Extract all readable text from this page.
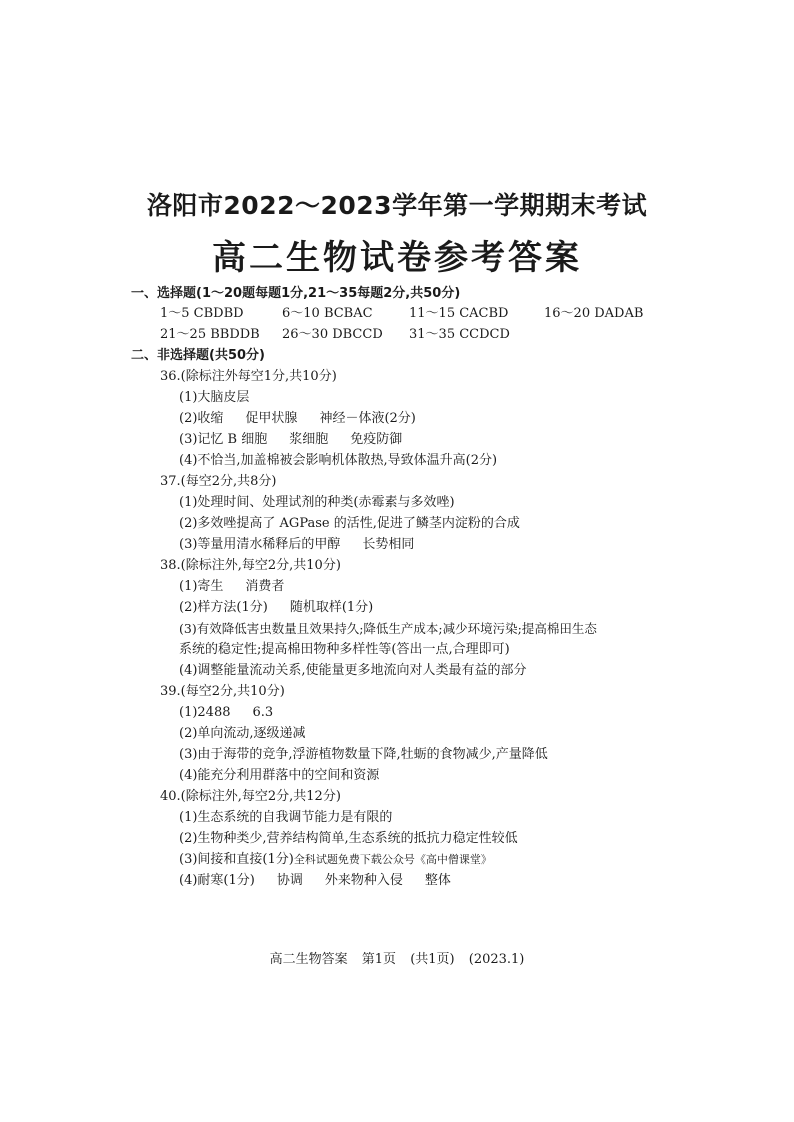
洛阳市2022～2023学年第一学期期末考试
高二生物试卷参考答案
一、选择题(1～20题每题1分,21～35每题2分,共50分)
1～5 CBDBD	6～10 BCBAC	11～15 CACBD	16～20 DADAB
21～25 BBDDB 26～30 DBCCD 31～35 CCDCD
二、非选择题(共50分)
36.(除标注外每空1分,共10分)
(1)大脑皮层
(2)收缩 促甲状腺 神经－体液(2分)
(3)记忆 B 细胞 浆细胞 免疫防御
(4)不恰当,加盖棉被会影响机体散热,导致体温升高(2分)
37.(每空2分,共8分)
(1)处理时间、处理试剂的种类(赤霉素与多效唑)
(2)多效唑提高了 AGPase 的活性,促进了鳞茎内淀粉的合成
(3)等量用清水稀释后的甲醇 长势相同
38.(除标注外,每空2分,共10分)
(1)寄生 消费者
(2)样方法(1分) 随机取样(1分)
(3)有效降低害虫数量且效果持久;降低生产成本;减少环境污染;提高棉田生态
系统的稳定性;提高棉田物种多样性等(答出一点,合理即可)
(4)调整能量流动关系,使能量更多地流向对人类最有益的部分
39.(每空2分,共10分)
(1)2488 6.3
(2)单向流动,逐级递减
(3)由于海带的竞争,浮游植物数量下降,牡蛎的食物减少,产量降低
(4)能充分利用群落中的空间和资源
40.(除标注外,每空2分,共12分)
(1)生态系统的自我调节能力是有限的
(2)生物种类少,营养结构简单,生态系统的抵抗力稳定性较低
(3)间接和直接(1分)全科试题免费下载公众号《高中僧课堂》
(4)耐寒(1分) 协调 外来物种入侵 整体
高二生物答案 第1页 (共1页) (2023.1)
